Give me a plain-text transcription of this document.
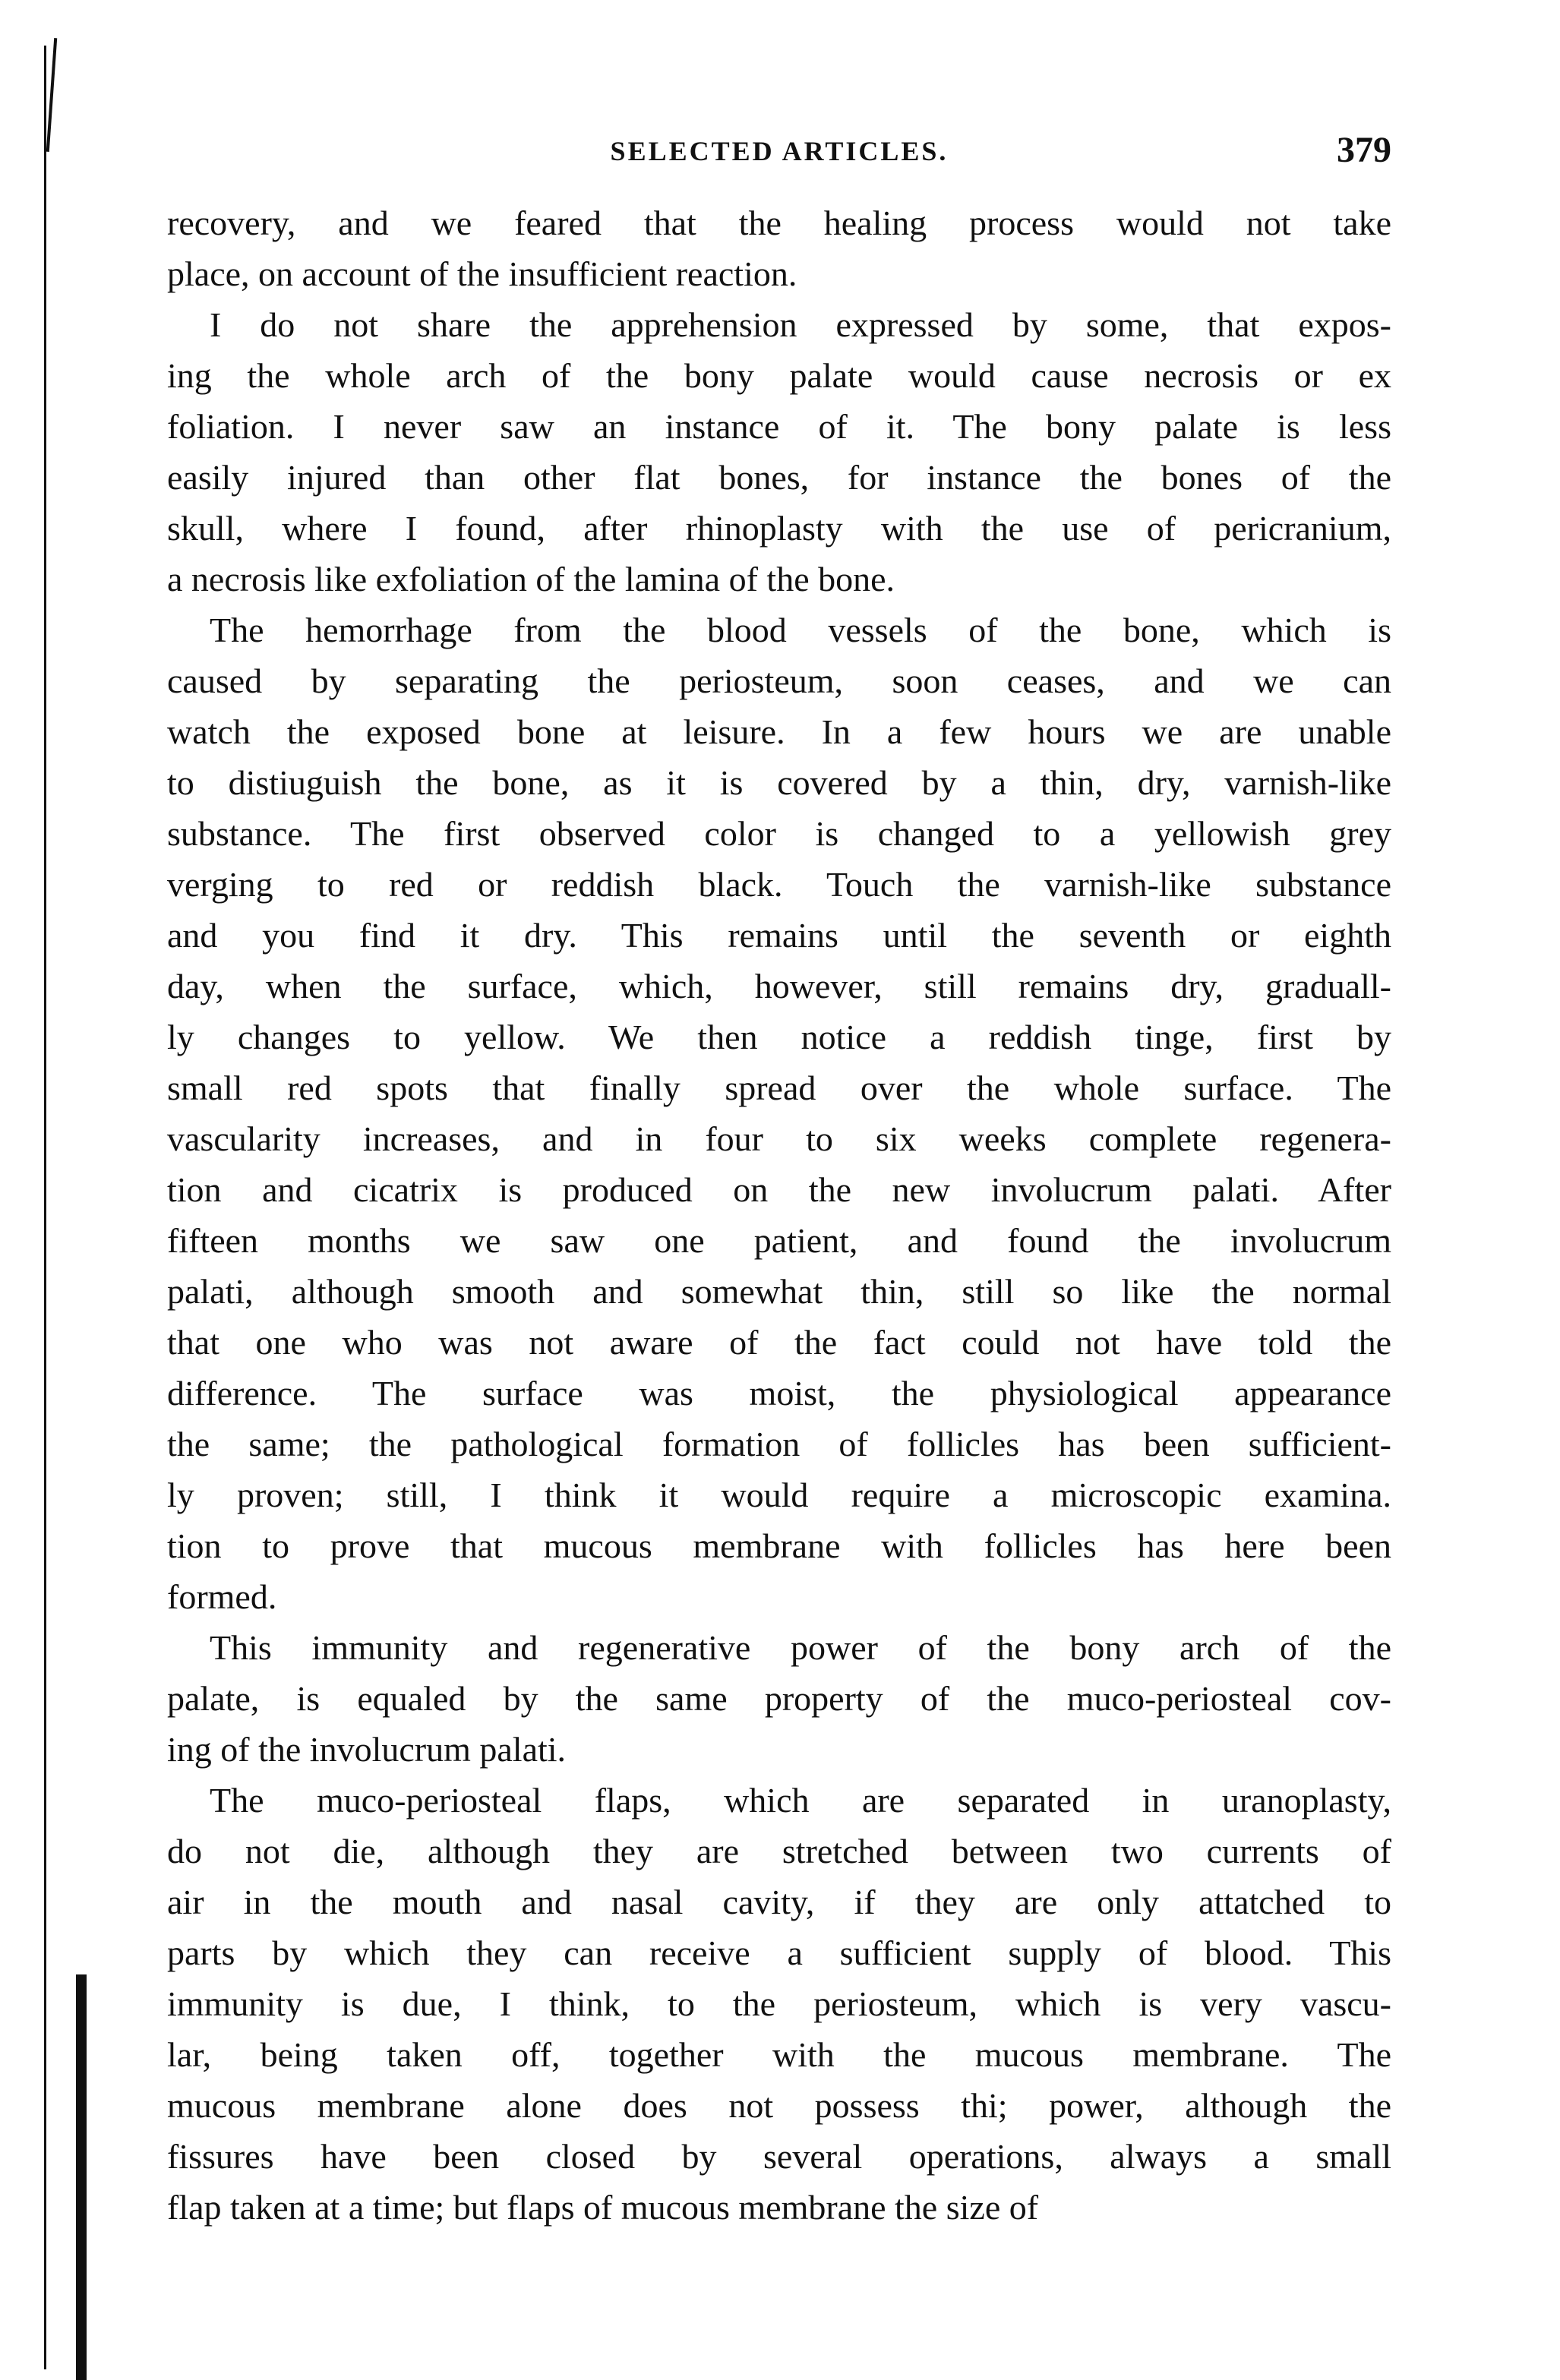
SELECTED ARTICLES.	379
recovery, and we feared that the healing process would not take
place, on account of the insufficient reaction.
I do not share the apprehension expressed by some, that expos-
ing the whole arch of the bony palate would cause necrosis or ex
foliation. I never saw an instance of it. The bony palate is less
easily injured than other flat bones, for instance the bones of the
skull, where I found, after rhinoplasty with the use of pericranium,
a necrosis like exfoliation of the lamina of the bone.
The hemorrhage from the blood vessels of the bone, which is
caused by separating the periosteum, soon ceases, and we can
watch the exposed bone at leisure. In a few hours we are unable
to distiuguish the bone, as it is covered by a thin, dry, varnish-like
substance. The first observed color is changed to a yellowish grey
verging to red or reddish black. Touch the varnish-like substance
and you find it dry. This remains until the seventh or eighth
day, when the surface, which, however, still remains dry, graduall-
ly changes to yellow. We then notice a reddish tinge, first by
small red spots that finally spread over the whole surface. The
vascularity increases, and in four to six weeks complete regenera-
tion and cicatrix is produced on the new involucrum palati. After
fifteen months we saw one patient, and found the involucrum
palati, although smooth and somewhat thin, still so like the normal
that one who was not aware of the fact could not have told the
difference. The surface was moist, the physiological appearance
the same; the pathological formation of follicles has been sufficient-
ly proven; still, I think it would require a microscopic examina.
tion to prove that mucous membrane with follicles has here been
formed.
This immunity and regenerative power of the bony arch of the
palate, is equaled by the same property of the muco-periosteal cov-
ing of the involucrum palati.
The muco-periosteal flaps, which are separated in uranoplasty,
do not die, although they are stretched between two currents of
air in the mouth and nasal cavity, if they are only attatched to
parts by which they can receive a sufficient supply of blood. This
immunity is due, I think, to the periosteum, which is very vascu-
lar, being taken off, together with the mucous membrane. The
mucous membrane alone does not possess thi; power, although the
fissures have been closed by several operations, always a small
flap taken at a time; but flaps of mucous membrane the size of
